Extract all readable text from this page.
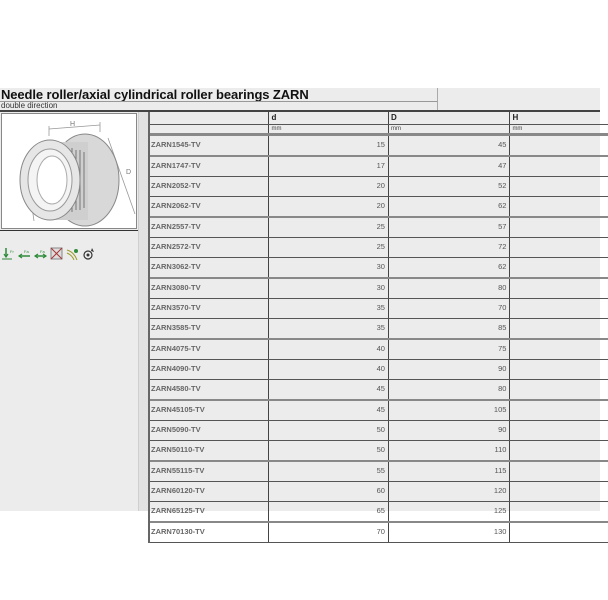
Needle roller/axial cylindrical roller bearings ZARN
double direction
H
D
Fr	Fa	Fa
d	D	H
mm	mm	mm
ZARN1545-TV	15	45
ZARN1747-TV	17	47
ZARN2052-TV	20	52
ZARN2062-TV	20	62
ZARN2557-TV	25	57
ZARN2572-TV	25	72
ZARN3062-TV	30	62
ZARN3080-TV	30	80
ZARN3570-TV	35	70
ZARN3585-TV	35	85
ZARN4075-TV	40	75
ZARN4090-TV	40	90
ZARN4580-TV	45	80
ZARN45105-TV	45	105
ZARN5090-TV	50	90
ZARN50110-TV	50	110
ZARN55115-TV	55	115
ZARN60120-TV	60	120
ZARN65125-TV	65	125
ZARN70130-TV	70	130
